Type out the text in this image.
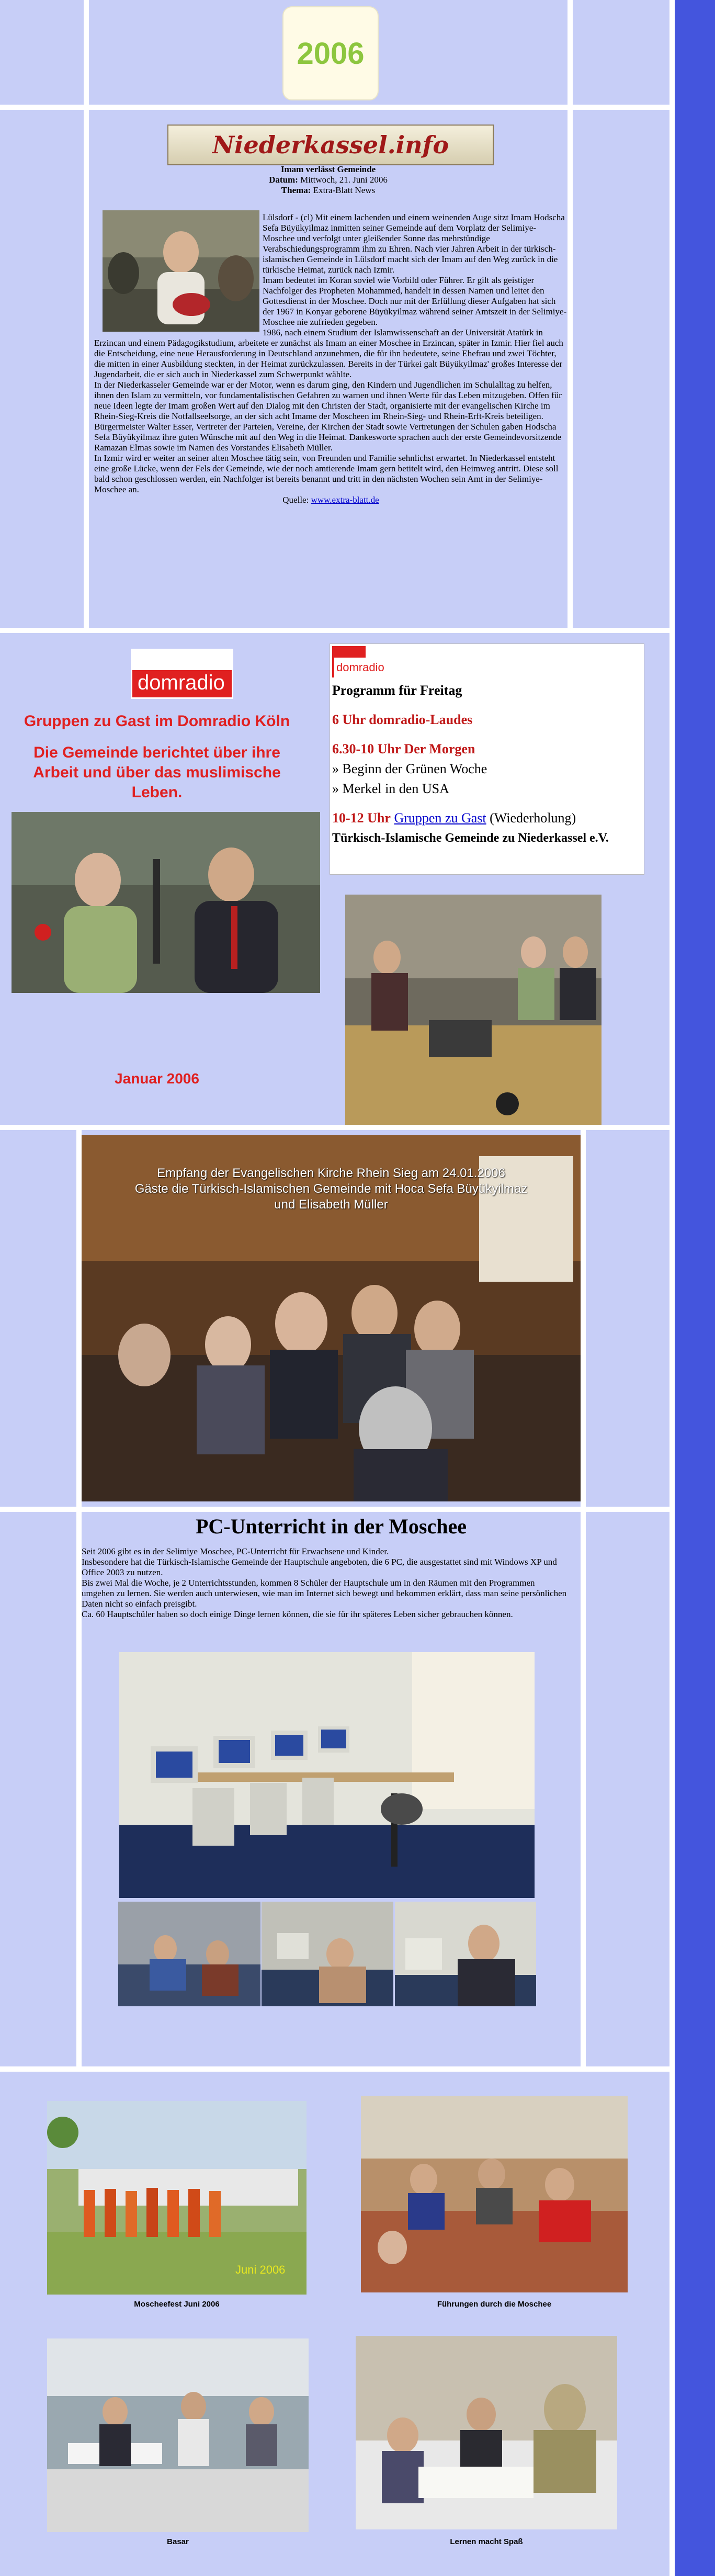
2006
Niederkassel.info
Imam verlässt Gemeinde
Datum: Mittwoch, 21. Juni 2006
Thema: Extra-Blatt News

Lülsdorf - (cl) Mit einem lachenden und einem weinenden Auge sitzt Imam Hodscha Sefa Büyükyilmaz inmitten seiner Gemeinde auf dem Vorplatz der Selimiye-Moschee und verfolgt unter gleißender Sonne das mehrstündige Verabschiedungsprogramm ihm zu Ehren. Nach vier Jahren Arbeit in der türkisch-islamischen Gemeinde in Lülsdorf macht sich der Imam auf den Weg zurück in die türkische Heimat, zurück nach Izmir.

Imam bedeutet im Koran soviel wie Vorbild oder Führer. Er gilt als geistiger Nachfolger des Propheten Mohammed, handelt in dessen Namen und leitet den Gottesdienst in der Moschee. Doch nur mit der Erfüllung dieser Aufgaben hat sich der 1967 in Konyar geborene Büyükyilmaz während seiner Amtszeit in der Selimiye-Moschee nie zufrieden gegeben.

1986, nach einem Studium der Islamwissenschaft an der Universität Atatürk in Erzincan und einem Pädagogikstudium, arbeitete er zunächst als Imam an einer Moschee in Erzincan, später in Izmir. Hier fiel auch die Entscheidung, eine neue Herausforderung in Deutschland anzunehmen, die für ihn bedeutete, seine Ehefrau und zwei Töchter, die mitten in einer Ausbildung steckten, in der Heimat zurückzulassen. Bereits in der Türkei galt Büyükyilmaz' großes Interesse der Jugendarbeit, die er sich auch in Niederkassel zum Schwerpunkt wählte.

In der Niederkasseler Gemeinde war er der Motor, wenn es darum ging, den Kindern und Jugendlichen im Schulalltag zu helfen, ihnen den Islam zu vermitteln, vor fundamentalistischen Gefahren zu warnen und ihnen Werte für das Leben mitzugeben. Offen für neue Ideen legte der Imam großen Wert auf den Dialog mit den Christen der Stadt, organisierte mit der evangelischen Kirche im Rhein-Sieg-Kreis die Notfallseelsorge, an der sich acht Imame der Moscheen im Rhein-Sieg- und Rhein-Erft-Kreis beteiligen.

Bürgermeister Walter Esser, Vertreter der Parteien, Vereine, der Kirchen der Stadt sowie Vertretungen der Schulen gaben Hodscha Sefa Büyükyilmaz ihre guten Wünsche mit auf den Weg in die Heimat. Dankesworte sprachen auch der erste Gemeindevorsitzende Ramazan Elmas sowie im Namen des Vorstandes Elisabeth Müller.

In Izmir wird er weiter an seiner alten Moschee tätig sein, von Freunden und Familie sehnlichst erwartet. In Niederkassel entsteht eine große Lücke, wenn der Fels der Gemeinde, wie der noch amtierende Imam gern betitelt wird, den Heimweg antritt. Diese soll bald schon geschlossen werden, ein Nachfolger ist bereits benannt und tritt in den nächsten Wochen sein Amt in der Selimiye-Moschee an.

Quelle: www.extra-blatt.de
domradio
Gruppen zu Gast im Domradio Köln
Die Gemeinde berichtet über ihre Arbeit und über das muslimische Leben.
Januar 2006
domradio
Programm für Freitag
6 Uhr domradio-Laudes
6.30-10 Uhr Der Morgen
» Beginn der Grünen Woche
» Merkel in den USA
10-12 Uhr Gruppen zu Gast (Wiederholung)
Türkisch-Islamische Gemeinde zu Niederkassel e.V.
Empfang der Evangelischen Kirche Rhein Sieg am 24.01.2006
Gäste die Türkisch-Islamischen Gemeinde mit Hoca Sefa Büyükyilmaz
und Elisabeth Müller
PC-Unterricht in der Moschee

Seit 2006 gibt es in der Selimiye Moschee, PC-Unterricht für Erwachsene und Kinder.

Insbesondere hat die Türkisch-Islamische Gemeinde der Hauptschule angeboten, die 6 PC, die ausgestattet sind mit Windows XP und Office 2003 zu nutzen.

Bis zwei Mal die Woche, je 2 Unterrichtsstunden, kommen 8 Schüler der Hauptschule um in den Räumen mit den Programmen umgehen zu lernen. Sie werden auch unterwiesen, wie man im Internet sich bewegt und bekommen erklärt, dass man seine persönlichen Daten nicht so einfach preisgibt.

Ca. 60 Hauptschüler haben so doch einige Dinge lernen können, die sie für ihr späteres Leben sicher gebrauchen können.

Juni 2006
Moscheefest Juni 2006	Führungen durch die Moschee
Basar	Lernen macht Spaß
